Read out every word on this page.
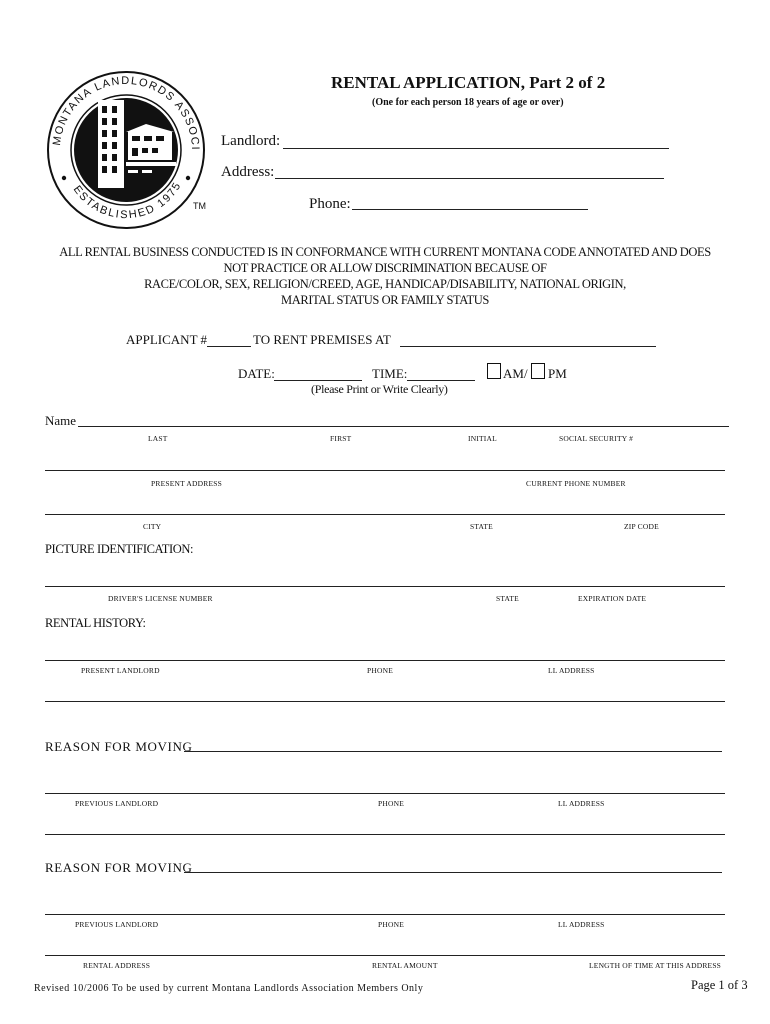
MONTANA LANDLORDS ASSOCI
ESTABLISHED 1975
TM
RENTAL APPLICATION, Part 2 of 2
(One for each person 18 years of age or over)
Landlord:
Address:
Phone:
ALL RENTAL BUSINESS CONDUCTED IS IN CONFORMANCE WITH CURRENT MONTANA CODE ANNOTATED AND DOES
NOT PRACTICE OR ALLOW DISCRIMINATION BECAUSE OF
RACE/COLOR, SEX, RELIGION/CREED, AGE, HANDICAP/DISABILITY, NATIONAL ORIGIN,
MARITAL STATUS OR FAMILY STATUS
APPLICANT #	TO RENT PREMISES AT
DATE:	TIME:	AM/ PM
(Please Print or Write Clearly)
Name
LAST	FIRST	INITIAL	SOCIAL SECURITY #
PRESENT ADDRESS	CURRENT PHONE NUMBER
CITY	STATE	ZIP CODE
PICTURE IDENTIFICATION:
DRIVER'S LICENSE NUMBER	STATE	EXPIRATION DATE
RENTAL HISTORY:
PRESENT LANDLORD	PHONE	LL ADDRESS
REASON FOR MOVING
PREVIOUS LANDLORD	PHONE	LL ADDRESS
REASON FOR MOVING
PREVIOUS LANDLORD	PHONE	LL ADDRESS
RENTAL ADDRESS	RENTAL AMOUNT	LENGTH OF TIME AT THIS ADDRESS
Revised 10/2006 To be used by current Montana Landlords Association Members Only	Page 1 of 3
